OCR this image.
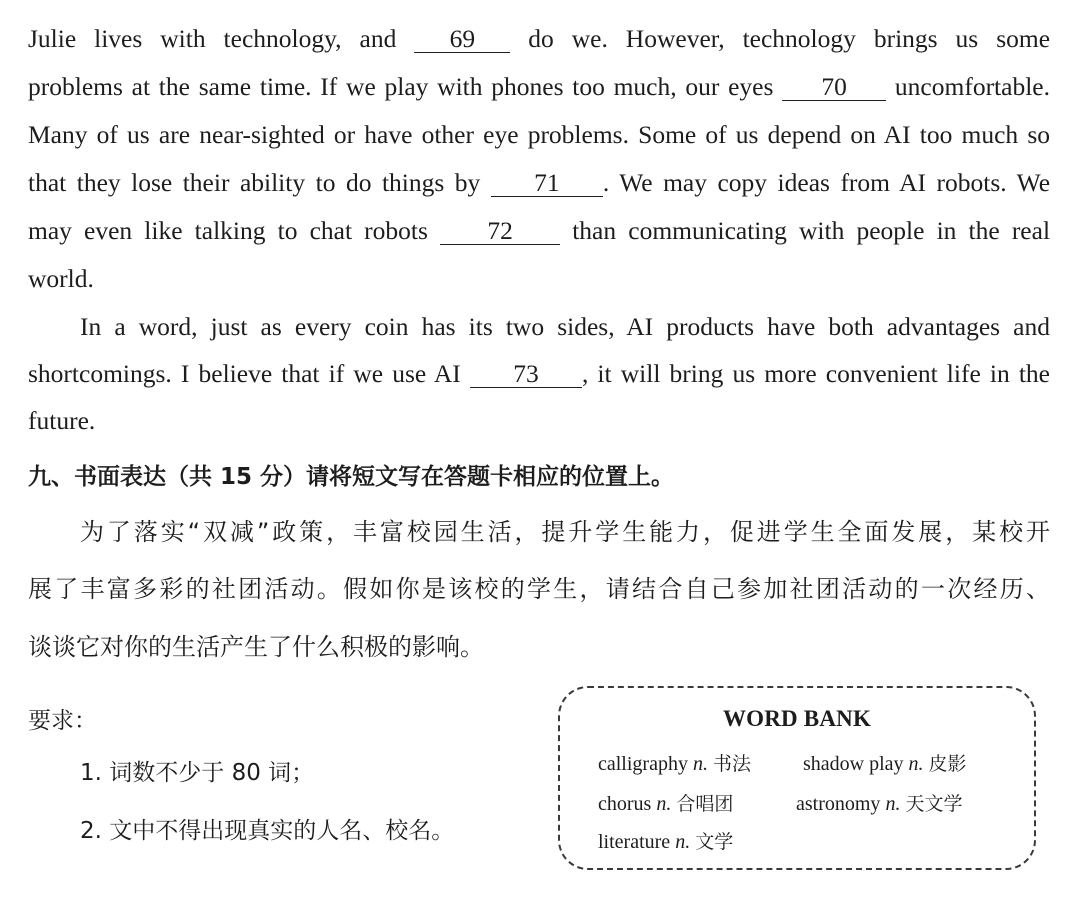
Julie lives with technology, and 69 do we. However, technology brings us some
problems at the same time. If we play with phones too much, our eyes 70 uncomfortable.
Many of us are near-sighted or have other eye problems. Some of us depend on AI too much so
that they lose their ability to do things by 71 . We may copy ideas from AI robots. We
may even like talking to chat robots 72 than communicating with people in the real
world.
In a word, just as every coin has its two sides, AI products have both advantages and
shortcomings. I believe that if we use AI 73 , it will bring us more convenient life in the
future.
九、书面表达（共 15 分）请将短文写在答题卡相应的位置上。
为了落实“双减”政策，丰富校园生活，提升学生能力，促进学生全面发展，某校开
展了丰富多彩的社团活动。假如你是该校的学生，请结合自己参加社团活动的一次经历、
谈谈它对你的生活产生了什么积极的影响。
要求：
1. 词数不少于 80 词；
2. 文中不得出现真实的人名、校名。
WORD BANK
calligraphy n. 书法	shadow play n. 皮影
chorus n. 合唱团	astronomy n. 天文学
literature n. 文学
